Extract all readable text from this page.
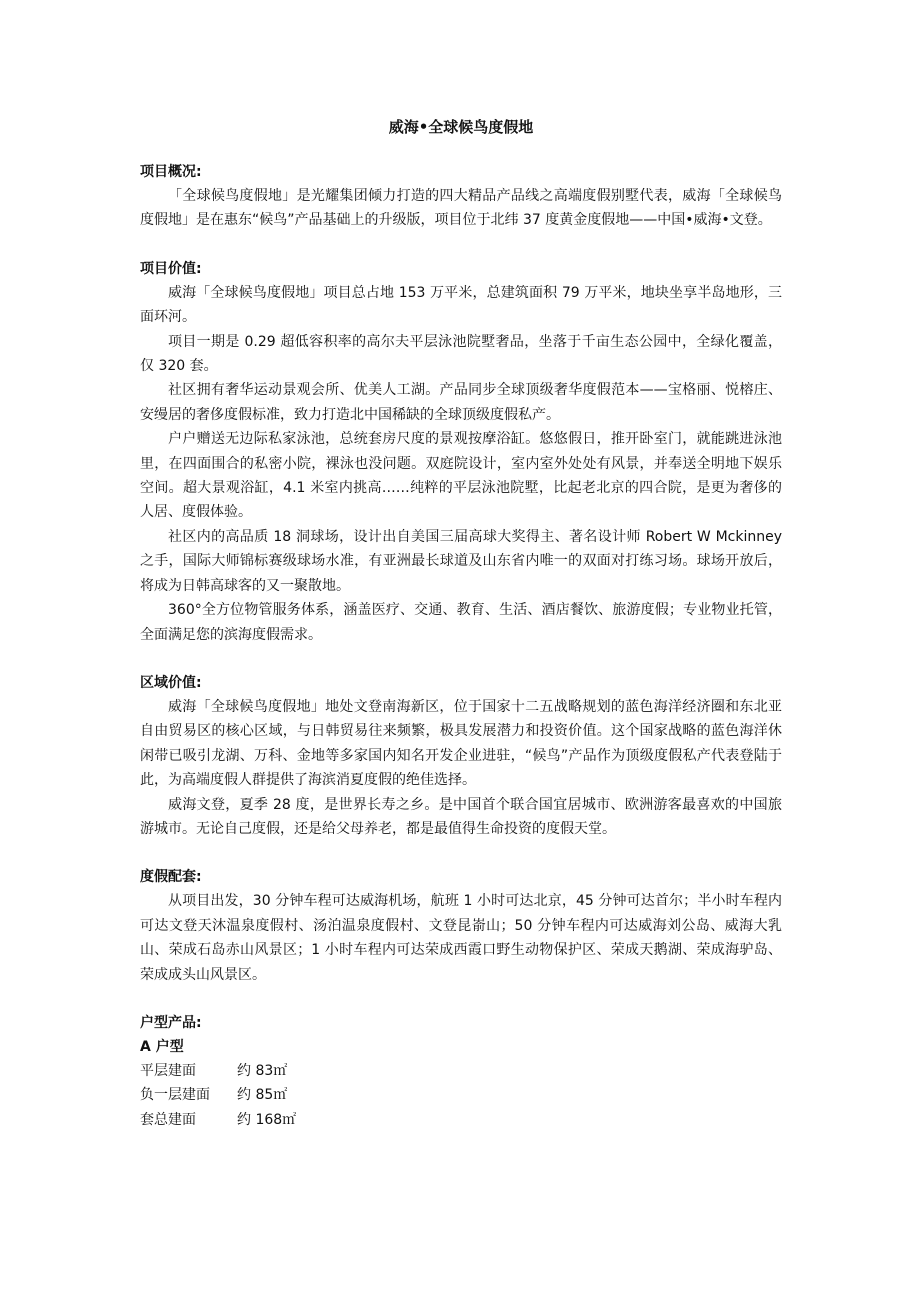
www.zixin.com.cn
威海•全球候鸟度假地

项目概况:

「全球候鸟度假地」是光耀集团倾力打造的四大精品产品线之高端度假别墅代表，威海「全球候鸟度假地」是在惠东“候鸟”产品基础上的升级版，项目位于北纬 37 度黄金度假地——中国•威海•文登。

项目价值:

威海「全球候鸟度假地」项目总占地 153 万平米，总建筑面积 79 万平米，地块坐享半岛地形，三面环河。

项目一期是 0.29 超低容积率的高尔夫平层泳池院墅奢品，坐落于千亩生态公园中，全绿化覆盖，仅 320 套。

社区拥有奢华运动景观会所、优美人工湖。产品同步全球顶级奢华度假范本——宝格丽、悦榕庄、安缦居的奢侈度假标准，致力打造北中国稀缺的全球顶级度假私产。

户户赠送无边际私家泳池，总统套房尺度的景观按摩浴缸。悠悠假日，推开卧室门，就能跳进泳池里，在四面围合的私密小院，裸泳也没问题。双庭院设计，室内室外处处有风景，并奉送全明地下娱乐空间。超大景观浴缸，4.1 米室内挑高……纯粹的平层泳池院墅，比起老北京的四合院，是更为奢侈的人居、度假体验。

社区内的高品质 18 洞球场，设计出自美国三届高球大奖得主、著名设计师 Robert W Mckinney 之手，国际大师锦标赛级球场水准，有亚洲最长球道及山东省内唯一的双面对打练习场。球场开放后，将成为日韩高球客的又一聚散地。

360°全方位物管服务体系，涵盖医疗、交通、教育、生活、酒店餐饮、旅游度假；专业物业托管，全面满足您的滨海度假需求。

区域价值:

威海「全球候鸟度假地」地处文登南海新区，位于国家十二五战略规划的蓝色海洋经济圈和东北亚自由贸易区的核心区域，与日韩贸易往来频繁，极具发展潜力和投资价值。这个国家战略的蓝色海洋休闲带已吸引龙湖、万科、金地等多家国内知名开发企业进驻，“候鸟”产品作为顶级度假私产代表登陆于此，为高端度假人群提供了海滨消夏度假的绝佳选择。

威海文登，夏季 28 度，是世界长寿之乡。是中国首个联合国宜居城市、欧洲游客最喜欢的中国旅游城市。无论自己度假，还是给父母养老，都是最值得生命投资的度假天堂。

度假配套:

从项目出发，30 分钟车程可达威海机场，航班 1 小时可达北京，45 分钟可达首尔；半小时车程内可达文登天沐温泉度假村、汤泊温泉度假村、文登昆嵛山；50 分钟车程内可达威海刘公岛、威海大乳山、荣成石岛赤山风景区；1 小时车程内可达荣成西霞口野生动物保护区、荣成天鹅湖、荣成海驴岛、荣成成头山风景区。

户型产品:

A 户型

平层建面	约 83㎡
负一层建面	约 85㎡
套总建面	约 168㎡
